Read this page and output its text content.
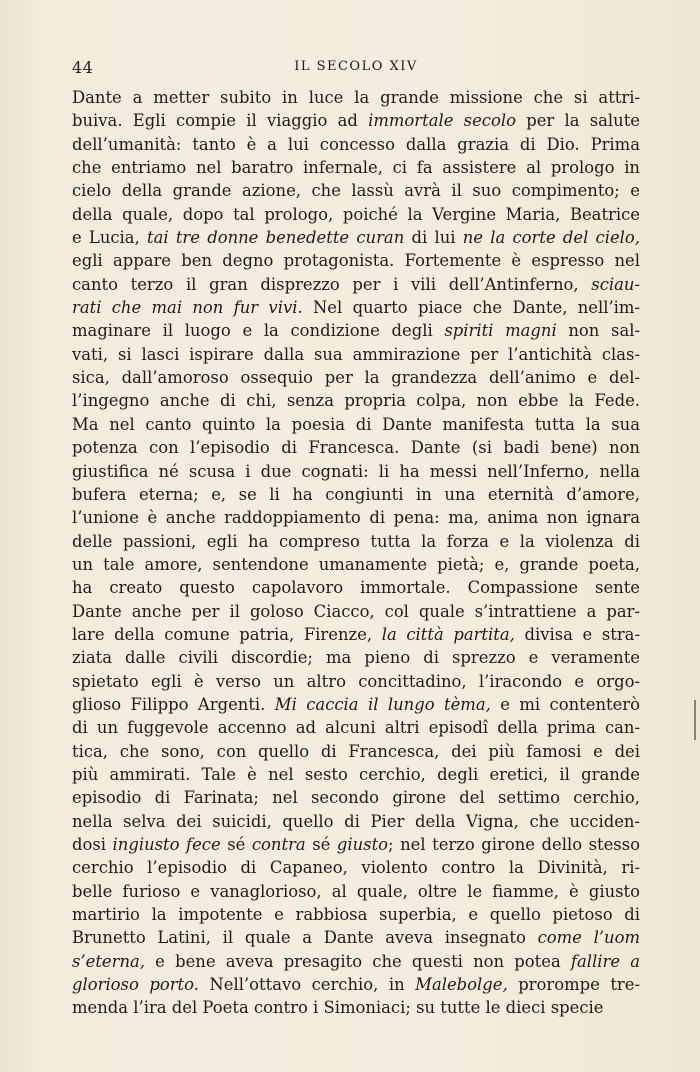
44	IL SECOLO XIV
Dante a metter subito in luce la grande missione che si attri-
buiva. Egli compie il viaggio ad immortale secolo per la salute
dell’umanità: tanto è a lui concesso dalla grazia di Dio. Prima
che entriamo nel baratro infernale, ci fa assistere al prologo in
cielo della grande azione, che lassù avrà il suo compimento; e
della quale, dopo tal prologo, poiché la Vergine Maria, Beatrice
e Lucia, tai tre donne benedette curan di lui ne la corte del cielo,
egli appare ben degno protagonista. Fortemente è espresso nel
canto terzo il gran disprezzo per i vili dell’Antinferno, sciau-
rati che mai non fur vivi. Nel quarto piace che Dante, nell’im-
maginare il luogo e la condizione degli spiriti magni non sal-
vati, si lasci ispirare dalla sua ammirazione per l’antichità clas-
sica, dall’amoroso ossequio per la grandezza dell’animo e del-
l’ingegno anche di chi, senza propria colpa, non ebbe la Fede.
Ma nel canto quinto la poesia di Dante manifesta tutta la sua
potenza con l’episodio di Francesca. Dante (si badi bene) non
giustifica né scusa i due cognati: li ha messi nell’Inferno, nella
bufera eterna; e, se li ha congiunti in una eternità d’amore,
l’unione è anche raddoppiamento di pena: ma, anima non ignara
delle passioni, egli ha compreso tutta la forza e la violenza di
un tale amore, sentendone umanamente pietà; e, grande poeta,
ha creato questo capolavoro immortale. Compassione sente
Dante anche per il goloso Ciacco, col quale s’intrattiene a par-
lare della comune patria, Firenze, la città partita, divisa e stra-
ziata dalle civili discordie; ma pieno di sprezzo e veramente
spietato egli è verso un altro concittadino, l’iracondo e orgo-
glioso Filippo Argenti. Mi caccia il lungo tèma, e mi contenterò
di un fuggevole accenno ad alcuni altri episodî della prima can-
tica, che sono, con quello di Francesca, dei più famosi e dei
più ammirati. Tale è nel sesto cerchio, degli eretici, il grande
episodio di Farinata; nel secondo girone del settimo cerchio,
nella selva dei suicidi, quello di Pier della Vigna, che ucciden-
dosi ingiusto fece sé contra sé giusto; nel terzo girone dello stesso
cerchio l’episodio di Capaneo, violento contro la Divinità, ri-
belle furioso e vanaglorioso, al quale, oltre le fiamme, è giusto
martirio la impotente e rabbiosa superbia, e quello pietoso di
Brunetto Latini, il quale a Dante aveva insegnato come l’uom
s’eterna, e bene aveva presagito che questi non potea fallire a
glorioso porto. Nell’ottavo cerchio, in Malebolge, prorompe tre-
menda l’ira del Poeta contro i Simoniaci; su tutte le dieci specie
